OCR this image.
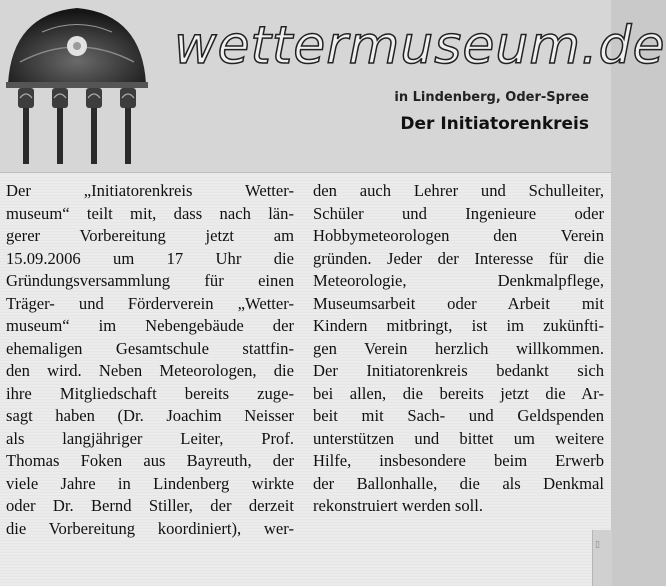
wettermuseum.de
in Lindenberg, Oder-Spree
Der Initiatorenkreis
Der „Initiatorenkreis Wetter-
museum“ teilt mit, dass nach län-
gerer Vorbereitung jetzt am
15.09.2006 um 17 Uhr die
Gründungsversammlung für einen
Träger- und Förderverein „Wetter-
museum“ im Nebengebäude der
ehemaligen Gesamtschule stattfin-
den wird. Neben Meteorologen, die
ihre Mitgliedschaft bereits zuge-
sagt haben (Dr. Joachim Neisser
als langjähriger Leiter, Prof.
Thomas Foken aus Bayreuth, der
viele Jahre in Lindenberg wirkte
oder Dr. Bernd Stiller, der derzeit
die Vorbereitung koordiniert), wer-
den auch Lehrer und Schulleiter,
Schüler und Ingenieure oder
Hobbymeteorologen den Verein
gründen. Jeder der Interesse für die
Meteorologie, Denkmalpflege,
Museumsarbeit oder Arbeit mit
Kindern mitbringt, ist im zukünfti-
gen Verein herzlich willkommen.
Der Initiatorenkreis bedankt sich
bei allen, die bereits jetzt die Ar-
beit mit Sach- und Geldspenden
unterstützen und bittet um weitere
Hilfe, insbesondere beim Erwerb
der Ballonhalle, die als Denkmal
rekonstruiert werden soll.
▯
